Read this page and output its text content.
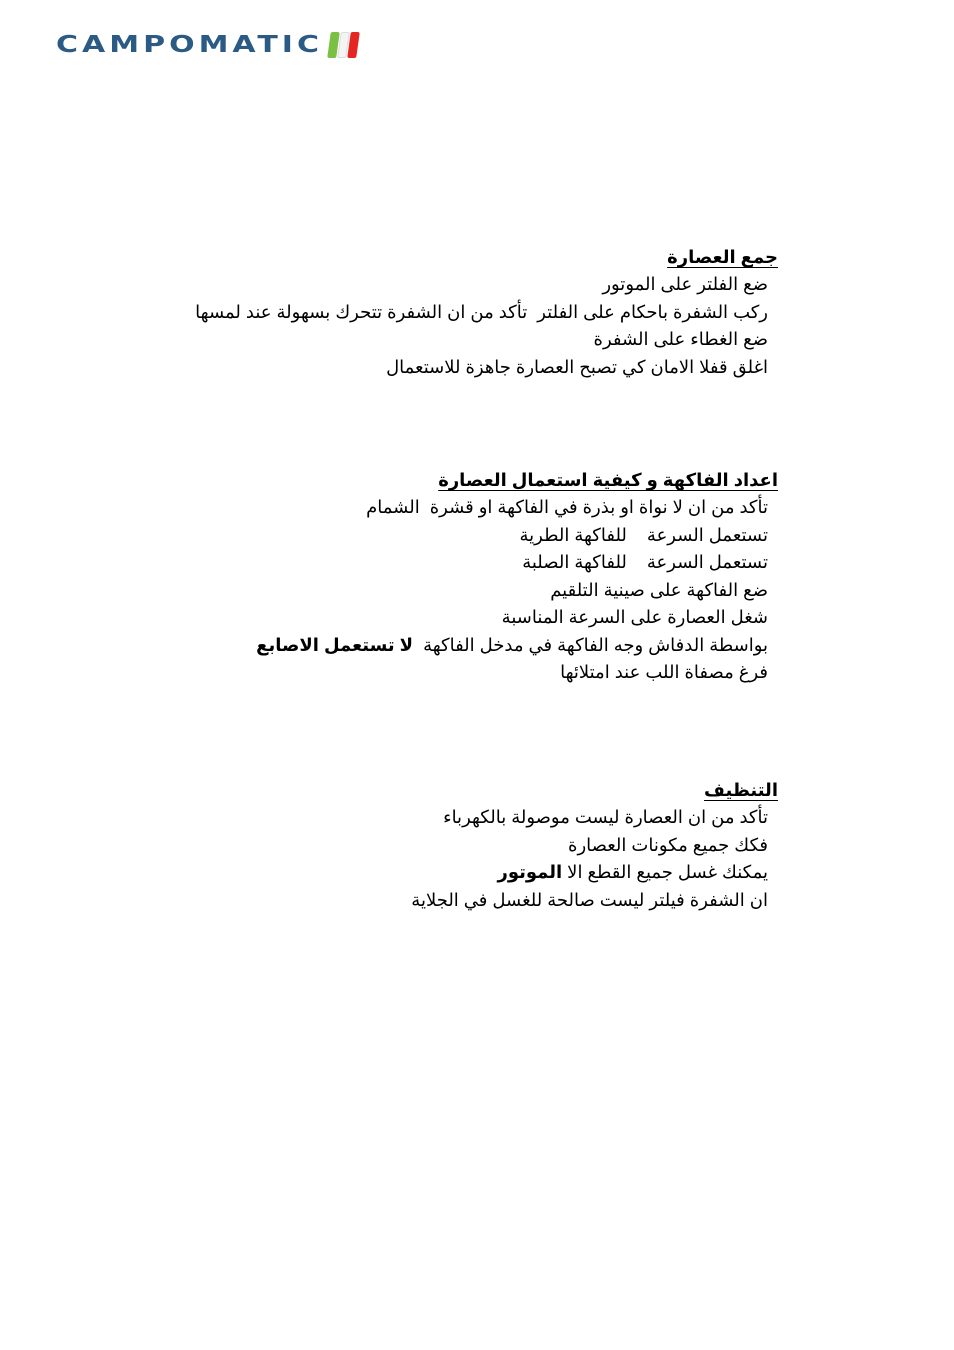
CAMPOMATIC
جمع العصارة
ضع الفلتر على الموتور
ركب الشفرة باحكام على الفلتر  تأكد من ان الشفرة تتحرك بسهولة عند لمسها
ضع الغطاء على الشفرة
اغلق قفلا الامان كي تصبح العصارة جاهزة للاستعمال
اعداد الفاكهة و كيفية استعمال العصارة
تأكد من ان لا نواة او بذرة في الفاكهة او قشرة  الشمام
تستعمل السرعة    للفاكهة الطرية
تستعمل السرعة    للفاكهة الصلبة
ضع الفاكهة على صينية التلقيم
شغل العصارة على السرعة المناسبة
بواسطة الدفاش وجه الفاكهة في مدخل الفاكهة  لا تستعمل الاصابع
فرغ مصفاة اللب عند امتلائها
التنظيف
تأكد من ان العصارة ليست موصولة بالكهرباء
فكك جميع مكونات العصارة
يمكنك غسل جميع القطع الا الموتور
ان الشفرة فيلتر ليست صالحة للغسل في الجلاية
